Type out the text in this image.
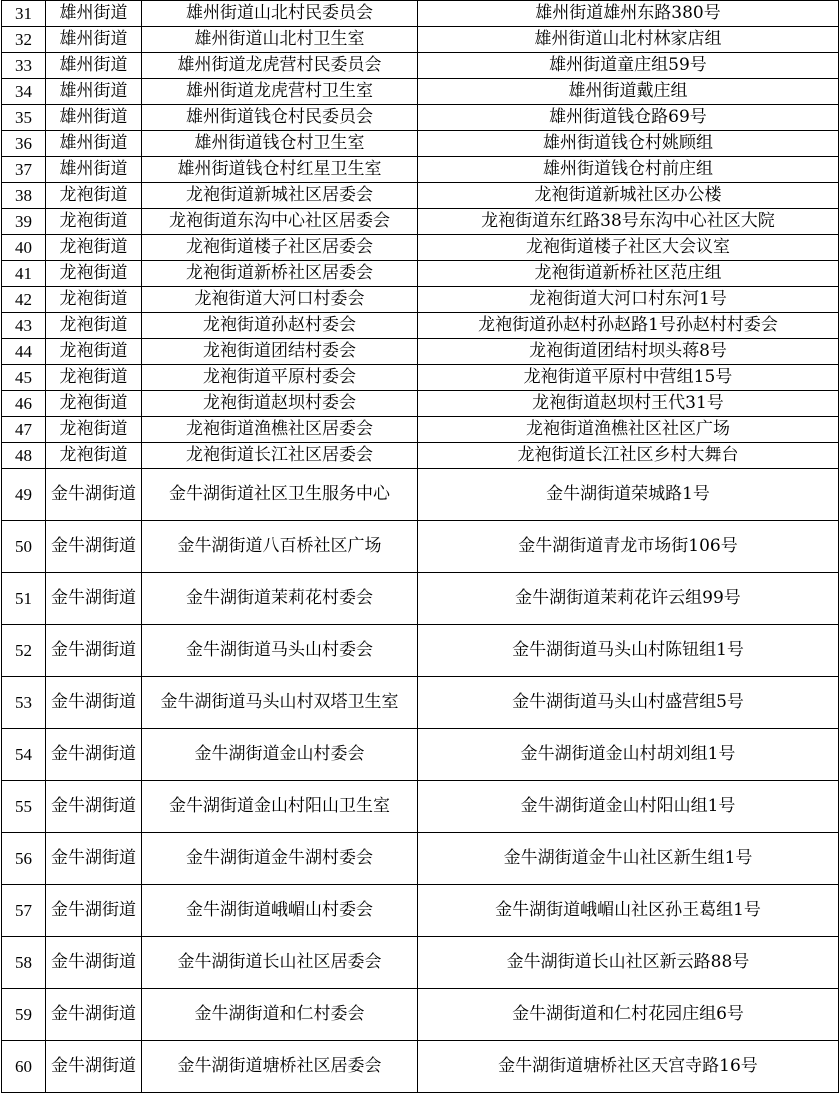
31	雄州街道	雄州街道山北村民委员会	雄州街道雄州东路380号
32	雄州街道	雄州街道山北村卫生室	雄州街道山北村林家店组
33	雄州街道	雄州街道龙虎营村民委员会	雄州街道童庄组59号
34	雄州街道	雄州街道龙虎营村卫生室	雄州街道戴庄组
35	雄州街道	雄州街道钱仓村民委员会	雄州街道钱仓路69号
36	雄州街道	雄州街道钱仓村卫生室	雄州街道钱仓村姚顾组
37	雄州街道	雄州街道钱仓村红星卫生室	雄州街道钱仓村前庄组
38	龙袍街道	龙袍街道新城社区居委会	龙袍街道新城社区办公楼
39	龙袍街道	龙袍街道东沟中心社区居委会	龙袍街道东红路38号东沟中心社区大院
40	龙袍街道	龙袍街道楼子社区居委会	龙袍街道楼子社区大会议室
41	龙袍街道	龙袍街道新桥社区居委会	龙袍街道新桥社区范庄组
42	龙袍街道	龙袍街道大河口村委会	龙袍街道大河口村东河1号
43	龙袍街道	龙袍街道孙赵村委会	龙袍街道孙赵村孙赵路1号孙赵村村委会
44	龙袍街道	龙袍街道团结村委会	龙袍街道团结村坝头蒋8号
45	龙袍街道	龙袍街道平原村委会	龙袍街道平原村中营组15号
46	龙袍街道	龙袍街道赵坝村委会	龙袍街道赵坝村王代31号
47	龙袍街道	龙袍街道渔樵社区居委会	龙袍街道渔樵社区社区广场
48	龙袍街道	龙袍街道长江社区居委会	龙袍街道长江社区乡村大舞台
49	金牛湖街道	金牛湖街道社区卫生服务中心	金牛湖街道荣城路1号
50	金牛湖街道	金牛湖街道八百桥社区广场	金牛湖街道青龙市场街106号
51	金牛湖街道	金牛湖街道茉莉花村委会	金牛湖街道茉莉花许云组99号
52	金牛湖街道	金牛湖街道马头山村委会	金牛湖街道马头山村陈钮组1号
53	金牛湖街道	金牛湖街道马头山村双塔卫生室	金牛湖街道马头山村盛营组5号
54	金牛湖街道	金牛湖街道金山村委会	金牛湖街道金山村胡刘组1号
55	金牛湖街道	金牛湖街道金山村阳山卫生室	金牛湖街道金山村阳山组1号
56	金牛湖街道	金牛湖街道金牛湖村委会	金牛湖街道金牛山社区新生组1号
57	金牛湖街道	金牛湖街道峨嵋山村委会	金牛湖街道峨嵋山社区孙王葛组1号
58	金牛湖街道	金牛湖街道长山社区居委会	金牛湖街道长山社区新云路88号
59	金牛湖街道	金牛湖街道和仁村委会	金牛湖街道和仁村花园庄组6号
60	金牛湖街道	金牛湖街道塘桥社区居委会	金牛湖街道塘桥社区天宫寺路16号
